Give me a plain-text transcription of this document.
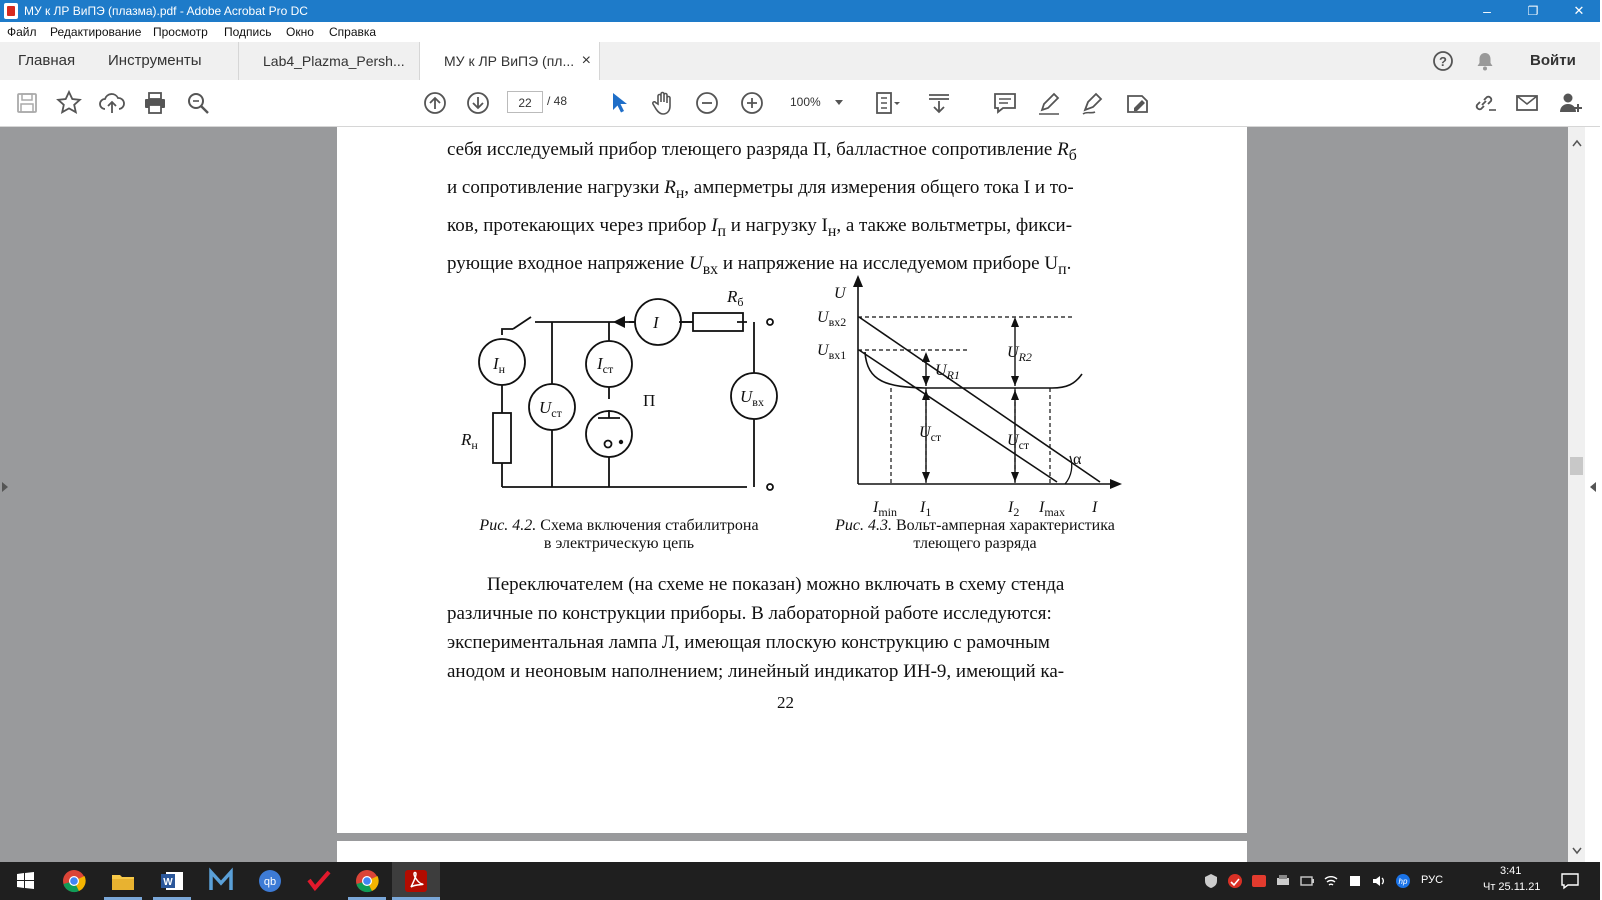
МУ к ЛР ВиПЭ (плазма).pdf - Adobe Acrobat Pro DC	–	❐	✕
Файл Редактирование Просмотр Подпись Окно Справка
Главная Инструменты	Lab4_Plazma_Persh...	МУ к ЛР ВиПЭ (пл... ×	?	Войти
22	/ 48	100%
себя исследуемый прибор тлеющего разряда П, балластное сопротивление $R_б$
и сопротивление нагрузки $R_н$, амперметры для измерения общего тока I и то-
ков, протекающих через прибор $I_п$ и нагрузку $I_н$, а также вольтметры, фикси-
рующие входное напряжение $U_{вх}$ и напряжение на исследуемом приборе $U_п$.
$I_н$
$R_н$
$U_{ст}$
$I_{ст}$
П
I
$R_б$
$U_{вх}$
U
$U_{вх2}$
$U_{вх1}$
$U_{R1}$
$U_{R2}$
$U_{ст}$	$U_{ст}$
α
$I_{min}$ $I_1$	$I_2$ $I_{max}$ I
Рис. 4.2. Схема включения стабилитрона
в электрическую цепь
Рис. 4.3. Вольт-амперная характеристика
тлеющего разряда
Переключателем (на схеме не показан) можно включать в схему стенда
различные по конструкции приборы. В лабораторной работе исследуются:
экспериментальная лампа Л, имеющая плоскую конструкцию с рамочным
анодом и неоновым наполнением; линейный индикатор ИН-9, имеющий ка-
22
W	qb	hp РУС
3:41
Чт 25.11.21
